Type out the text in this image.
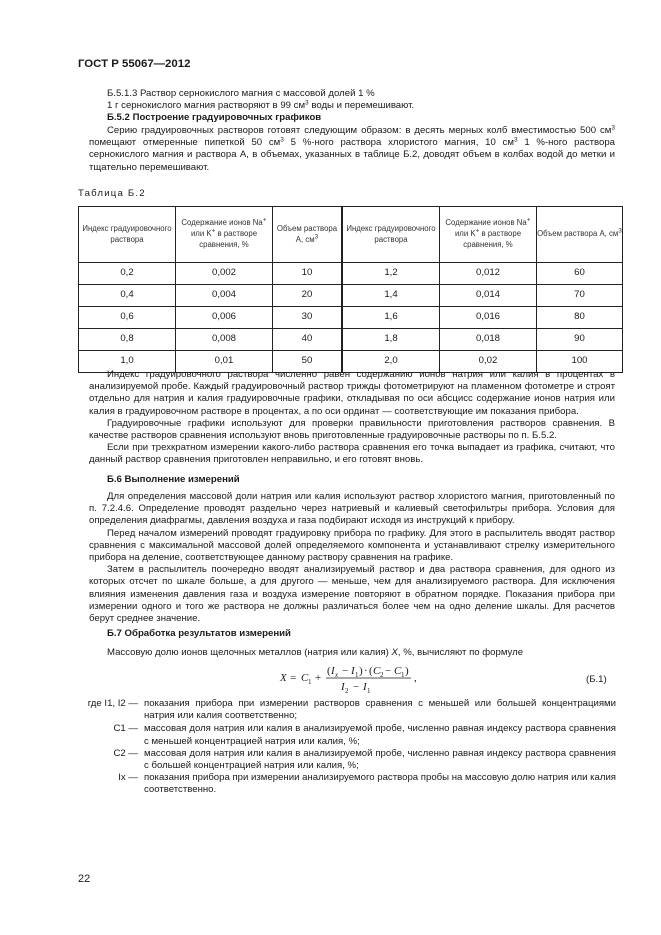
ГОСТ Р 55067—2012

Б.5.1.3 Раствор сернокислого магния с массовой долей 1 %

1 г сернокислого магния растворяют в 99 $см^3$ воды и перемешивают.

Б.5.2 Построение градуировочных графиков

Серию градуировочных растворов готовят следующим образом: в десять мерных колб вместимостью 500 $см^3$ помещают отмеренные пипеткой 50 $см^3$ 5 %-ного раствора хлористого магния, 10 $см^3$ 1 %-ного раствора сернокислого магния и раствора А, в объемах, указанных в таблице Б.2, доводят объем в колбах водой до метки и тщательно перемешивают.

Таблица Б.2
Индекс градуировочного раствора	Содержание ионов Na+ или K+ в растворе сравнения, %	Объем раствора А, $см^3$	Индекс градуировочного раствора	Содержание ионов Na+ или K+ в растворе сравнения, %	Объем раствора А, $см^3$
0,2	0,002	10	1,2	0,012	60
0,4	0,004	20	1,4	0,014	70
0,6	0,006	30	1,6	0,016	80
0,8	0,008	40	1,8	0,018	90
1,0	0,01	50	2,0	0,02	100

Индекс градуировочного раствора численно равен содержанию ионов натрия или калия в процентах в анализируемой пробе. Каждый градуировочный раствор трижды фотометрируют на пламенном фотометре и строят отдельно для натрия и калия градуировочные графики, откладывая по оси абсцисс содержание ионов натрия или калия в градуировочном растворе в процентах, а по оси ординат — соответствующие им показания прибора.

Градуировочные графики используют для проверки правильности приготовления растворов сравнения. В качестве растворов сравнения используют вновь приготовленные градуировочные растворы по п. Б.5.2.

Если при трехкратном измерении какого-либо раствора сравнения его точка выпадает из графика, считают, что данный раствор сравнения приготовлен неправильно, и его готовят вновь.

Б.6 Выполнение измерений

Для определения массовой доли натрия или калия используют раствор хлористого магния, приготовленный по п. 7.2.4.6. Определение проводят раздельно через натриевый и калиевый светофильтры прибора. Условия для определения диафрагмы, давления воздуха и газа подбирают исходя из инструкций к прибору.

Перед началом измерений проводят градуировку прибора по графику. Для этого в распылитель вводят раствор сравнения с максимальной массовой долей определяемого компонента и устанавливают стрелку измерительного прибора на деление, соответствующее данному раствору сравнения на графике.

Затем в распылитель поочередно вводят анализируемый раствор и два раствора сравнения, для одного из которых отсчет по шкале больше, а для другого — меньше, чем для анализируемого раствора. Для исключения влияния изменения давления газа и воздуха измерение повторяют в обратном порядке. Показания прибора при измерении одного и того же раствора не должны различаться более чем на одно деление шкалы. Для расчетов берут среднее значение.

Б.7 Обработка результатов измерений
Массовую долю ионов щелочных металлов (натрия или калия) X, %, вычисляют по формуле
X = C 1 +
( I x − I 1 ) · ( C 2 − C 1 )
I 2 − I 1
,	(Б.1)
где I1, I2 — показания прибора при измерении растворов сравнения с меньшей или большей концентрациями натрия или калия соответственно;
C1 — массовая доля натрия или калия в анализируемой пробе, численно равная индексу раствора сравнения с меньшей концентрацией натрия или калия, %;
C2 — массовая доля натрия или калия в анализируемой пробе, численно равная индексу раствора сравнения с большей концентрацией натрия или калия, %;
Ix — показания прибора при измерении анализируемого раствора пробы на массовую долю натрия или калия соответственно.
22
